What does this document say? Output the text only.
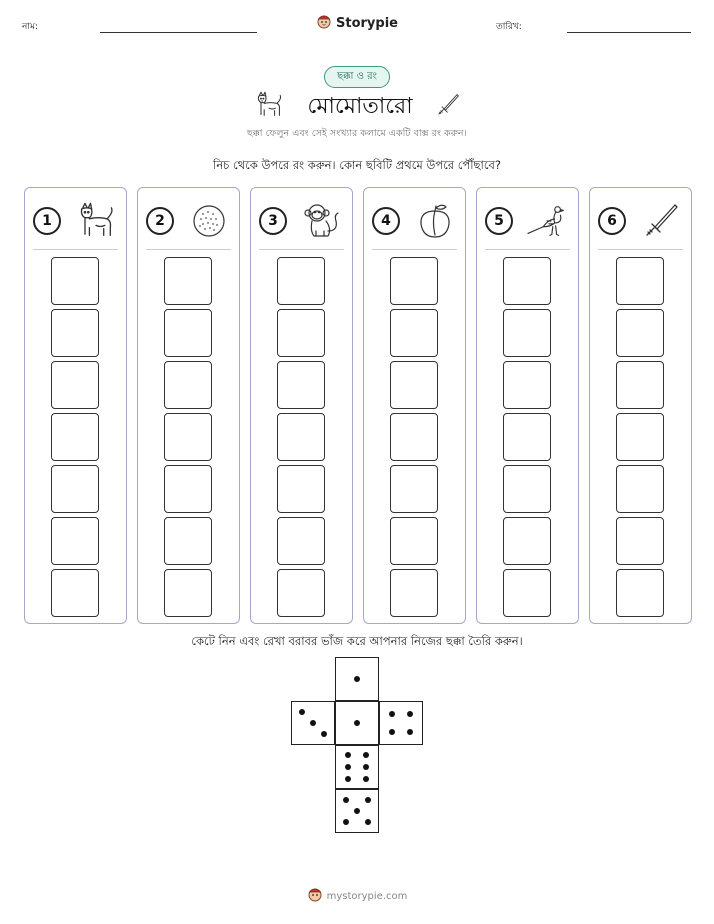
নাম:	Storypie	তারিখ:
ছক্কা ও রং
মোমোতারো
ছক্কা ফেলুন এবং সেই সংখ্যার কলামে একটি বাক্স রং করুন।
নিচ থেকে উপরে রং করুন। কোন ছবিটি প্রথমে উপরে পৌঁছাবে?
1	2	3	4	5	6
কেটে নিন এবং রেখা বরাবর ভাঁজ করে আপনার নিজের ছক্কা তৈরি করুন।
mystorypie.com
